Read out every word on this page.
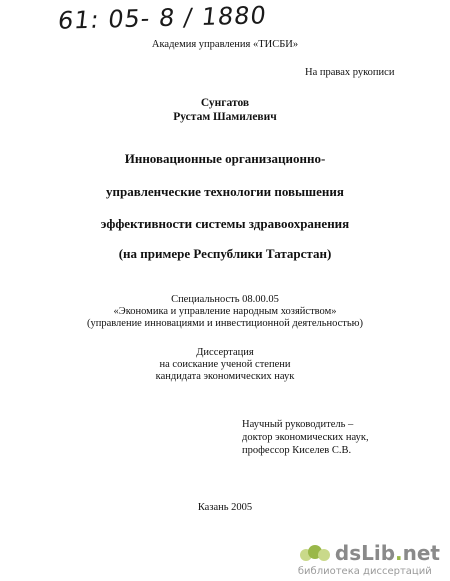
61: 05- 8 / 1880
Академия управления «ТИСБИ»
На правах рукописи
Сунгатов
Рустам Шамилевич
Инновационные организационно-
управленческие технологии повышения
эффективности системы здравоохранения
(на примере Республики Татарстан)
Специальность 08.00.05
«Экономика и управление народным хозяйством»
(управление инновациями и инвестиционной деятельностью)
Диссертация
на соискание ученой степени
кандидата экономических наук
Научный руководитель –
доктор экономических наук,
профессор Киселев С.В.
Казань 2005
dsLib.net
библиотека диссертаций
